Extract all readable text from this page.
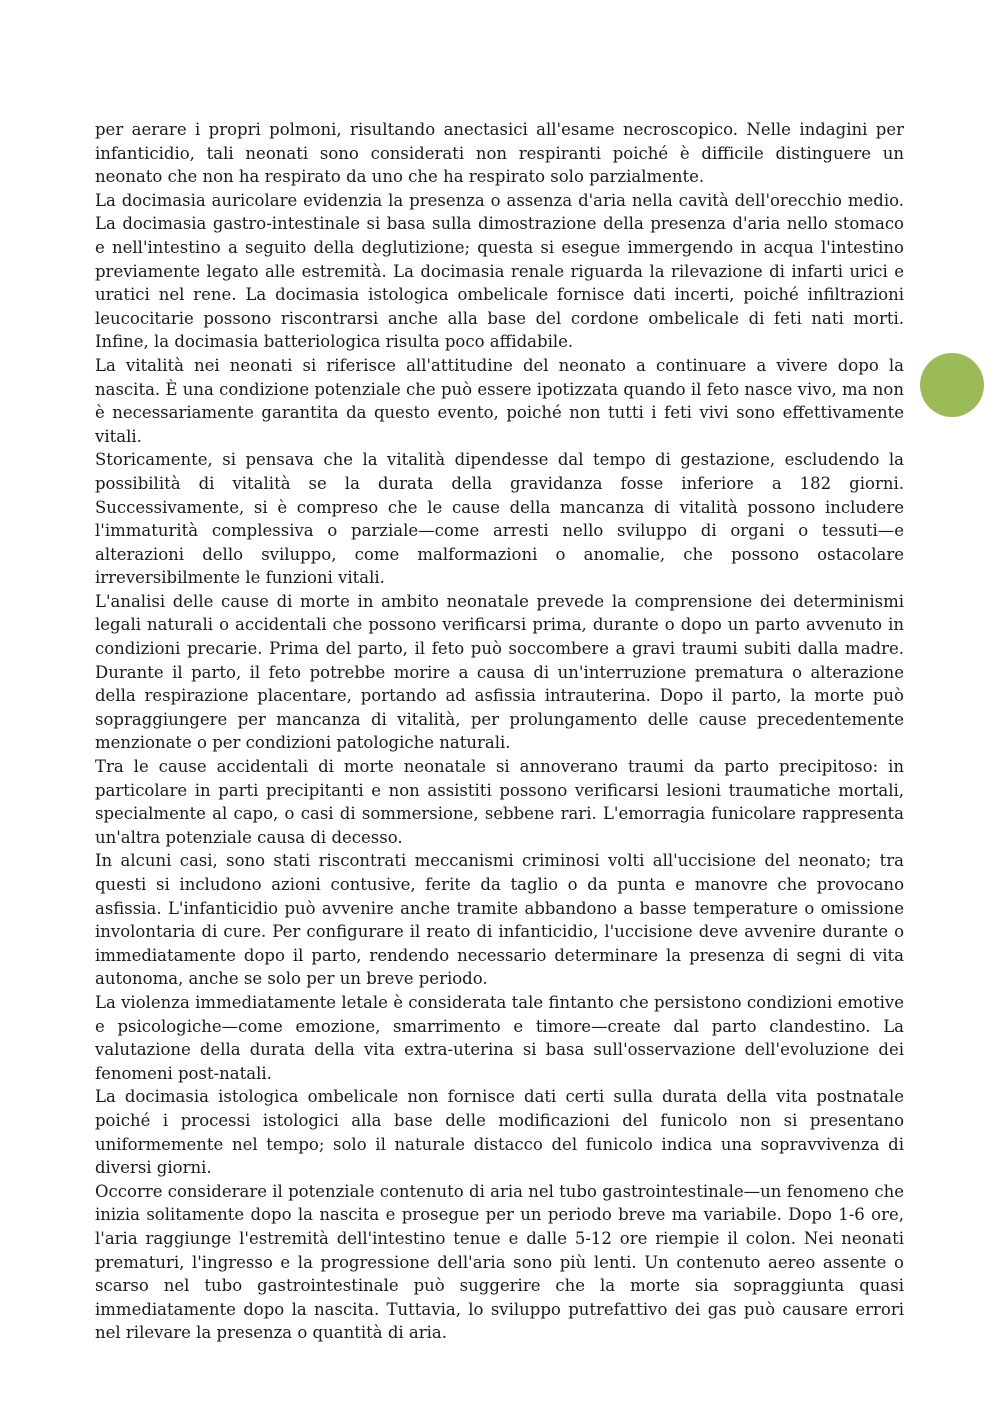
per aerare i propri polmoni, risultando anectasici all'esame necroscopico. Nelle indagini per infanticidio, tali neonati sono considerati non respiranti poiché è difficile distinguere un neonato che non ha respirato da uno che ha respirato solo parzialmente.

La docimasia auricolare evidenzia la presenza o assenza d'aria nella cavità dell'orecchio medio. La docimasia gastro-intestinale si basa sulla dimostrazione della presenza d'aria nello stomaco e nell'intestino a seguito della deglutizione; questa si esegue immergendo in acqua l'intestino previamente legato alle estremità. La docimasia renale riguarda la rilevazione di infarti urici e uratici nel rene. La docimasia istologica ombelicale fornisce dati incerti, poiché infiltrazioni leucocitarie possono riscontrarsi anche alla base del cordone ombelicale di feti nati morti. Infine, la docimasia batteriologica risulta poco affidabile.

La vitalità nei neonati si riferisce all'attitudine del neonato a continuare a vivere dopo la nascita. È una condizione potenziale che può essere ipotizzata quando il feto nasce vivo, ma non è necessariamente garantita da questo evento, poiché non tutti i feti vivi sono effettivamente vitali.

Storicamente, si pensava che la vitalità dipendesse dal tempo di gestazione, escludendo la possibilità di vitalità se la durata della gravidanza fosse inferiore a 182 giorni. Successivamente, si è compreso che le cause della mancanza di vitalità possono includere l'immaturità complessiva o parziale—come arresti nello sviluppo di organi o tessuti—e alterazioni dello sviluppo, come malformazioni o anomalie, che possono ostacolare irreversibilmente le funzioni vitali.

L'analisi delle cause di morte in ambito neonatale prevede la comprensione dei determinismi legali naturali o accidentali che possono verificarsi prima, durante o dopo un parto avvenuto in condizioni precarie. Prima del parto, il feto può soccombere a gravi traumi subiti dalla madre. Durante il parto, il feto potrebbe morire a causa di un'interruzione prematura o alterazione della respirazione placentare, portando ad asfissia intrauterina. Dopo il parto, la morte può sopraggiungere per mancanza di vitalità, per prolungamento delle cause precedentemente menzionate o per condizioni patologiche naturali.

Tra le cause accidentali di morte neonatale si annoverano traumi da parto precipitoso: in particolare in parti precipitanti e non assistiti possono verificarsi lesioni traumatiche mortali, specialmente al capo, o casi di sommersione, sebbene rari. L'emorragia funicolare rappresenta un'altra potenziale causa di decesso.

In alcuni casi, sono stati riscontrati meccanismi criminosi volti all'uccisione del neonato; tra questi si includono azioni contusive, ferite da taglio o da punta e manovre che provocano asfissia. L'infanticidio può avvenire anche tramite abbandono a basse temperature o omissione involontaria di cure. Per configurare il reato di infanticidio, l'uccisione deve avvenire durante o immediatamente dopo il parto, rendendo necessario determinare la presenza di segni di vita autonoma, anche se solo per un breve periodo.

La violenza immediatamente letale è considerata tale fintanto che persistono condizioni emotive e psicologiche—come emozione, smarrimento e timore—create dal parto clandestino. La valutazione della durata della vita extra-uterina si basa sull'osservazione dell'evoluzione dei fenomeni post-natali.

La docimasia istologica ombelicale non fornisce dati certi sulla durata della vita postnatale poiché i processi istologici alla base delle modificazioni del funicolo non si presentano uniformemente nel tempo; solo il naturale distacco del funicolo indica una sopravvivenza di diversi giorni.

Occorre considerare il potenziale contenuto di aria nel tubo gastrointestinale—un fenomeno che inizia solitamente dopo la nascita e prosegue per un periodo breve ma variabile. Dopo 1-6 ore, l'aria raggiunge l'estremità dell'intestino tenue e dalle 5-12 ore riempie il colon. Nei neonati prematuri, l'ingresso e la progressione dell'aria sono più lenti. Un contenuto aereo assente o scarso nel tubo gastrointestinale può suggerire che la morte sia sopraggiunta quasi immediatamente dopo la nascita. Tuttavia, lo sviluppo putrefattivo dei gas può causare errori nel rilevare la presenza o quantità di aria.
